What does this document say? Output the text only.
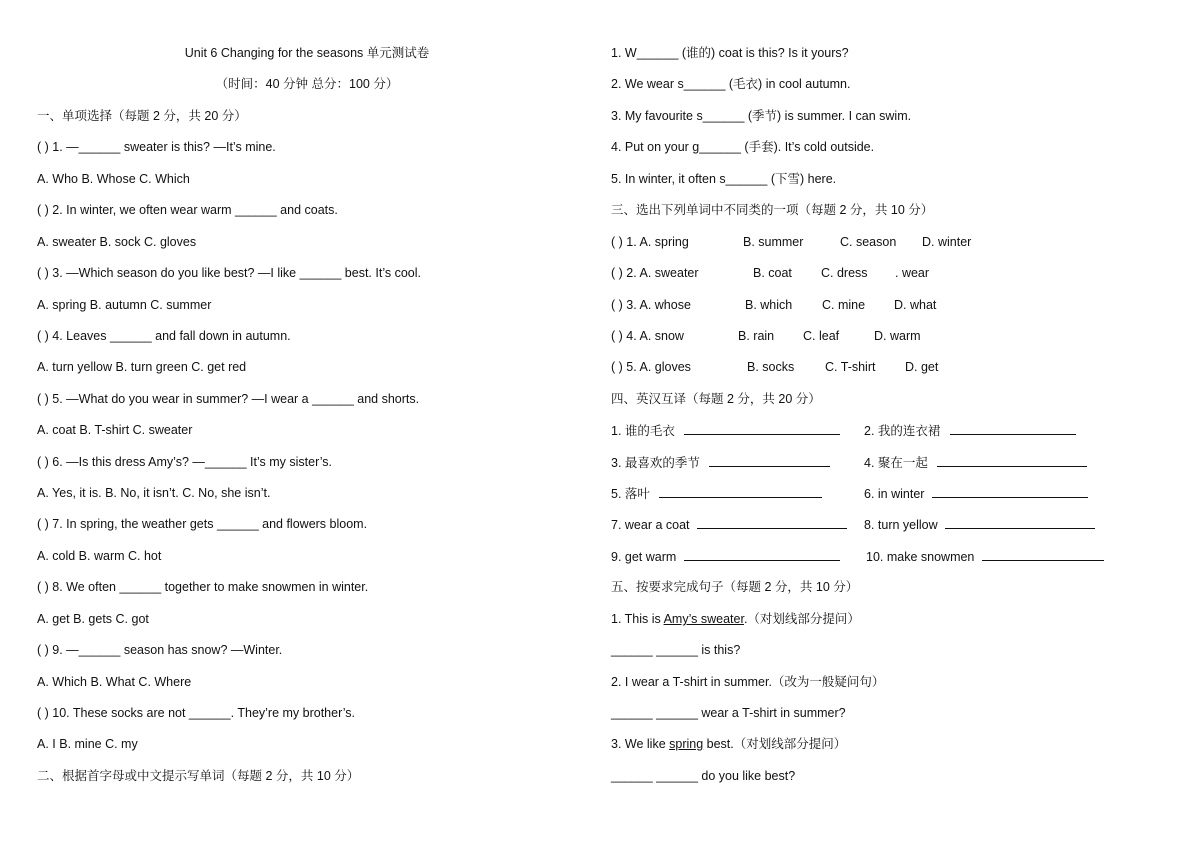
Unit 6 Changing for the seasons 单元测试卷
（时间：40 分钟 总分：100 分）
一、单项选择（每题 2 分，共 20 分）
( ) 1. —______ sweater is this? —It’s mine.
A. Who B. Whose C. Which
( ) 2. In winter, we often wear warm ______ and coats.
A. sweater B. sock C. gloves
( ) 3. —Which season do you like best? —I like ______ best. It’s cool.
A. spring B. autumn C. summer
( ) 4. Leaves ______ and fall down in autumn.
A. turn yellow B. turn green C. get red
( ) 5. —What do you wear in summer? —I wear a ______ and shorts.
A. coat B. T-shirt C. sweater
( ) 6. —Is this dress Amy’s? —______ It’s my sister’s.
A. Yes, it is. B. No, it isn’t. C. No, she isn’t.
( ) 7. In spring, the weather gets ______ and flowers bloom.
A. cold B. warm C. hot
( ) 8. We often ______ together to make snowmen in winter.
A. get B. gets C. got
( ) 9. —______ season has snow? —Winter.
A. Which B. What C. Where
( ) 10. These socks are not ______. They’re my brother’s.
A. I B. mine C. my
二、根据首字母或中文提示写单词（每题 2 分，共 10 分）
1. W______ (谁的) coat is this? Is it yours?
2. We wear s______ (毛衣) in cool autumn.
3. My favourite s______ (季节) is summer. I can swim.
4. Put on your g______ (手套). It’s cold outside.
5. In winter, it often s______ (下雪) here.
三、选出下列单词中不同类的一项（每题 2 分，共 10 分）
( ) 1. A. spring	B. summer	C. season D. winter
( ) 2. A. sweater	B. coat C. dress . wear
( ) 3. A. whose	B. which C. mine D. what
( ) 4. A. snow	B. rain C. leaf	D. warm
( ) 5. A. gloves	B. socks C. T-shirt D. get
四、英汉互译（每题 2 分，共 20 分）
1. 谁的毛衣	2. 我的连衣裙
3. 最喜欢的季节	4. 聚在一起
5. 落叶	6. in winter
7. wear a coat	8. turn yellow
9. get warm	10. make snowmen
五、按要求完成句子（每题 2 分，共 10 分）
1. This is Amy’s sweater.（对划线部分提问）
______ ______ is this?
2. I wear a T-shirt in summer.（改为一般疑问句）
______ ______ wear a T-shirt in summer?
3. We like spring best.（对划线部分提问）
______ ______ do you like best?
